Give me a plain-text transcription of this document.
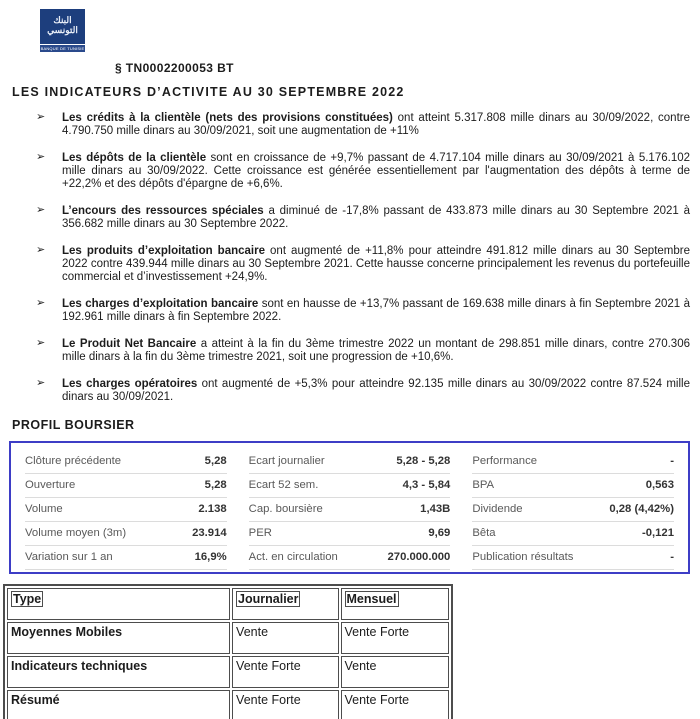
البنك
التونسي
BANQUE DE TUNISIE
§ TN0002200053 BT
LES INDICATEURS D’ACTIVITE AU 30 SEPTEMBRE 2022
➢ Les crédits à la clientèle (nets des provisions constituées) ont atteint 5.317.808 mille dinars au 30/09/2022, contre 4.790.750 mille dinars au 30/09/2021, soit une augmentation de +11%
➢ Les dépôts de la clientèle sont en croissance de +9,7% passant de 4.717.104 mille dinars au 30/09/2021 à 5.176.102 mille dinars au 30/09/2022. Cette croissance est générée essentiellement par l'augmentation des dépôts à terme de +22,2% et des dépôts d'épargne de +6,6%.
➢ L’encours des ressources spéciales a diminué de -17,8% passant de 433.873 mille dinars au 30 Septembre 2021 à 356.682 mille dinars au 30 Septembre 2022.
➢ Les produits d’exploitation bancaire ont augmenté de +11,8% pour atteindre 491.812 mille dinars au 30 Septembre 2022 contre 439.944 mille dinars au 30 Septembre 2021. Cette hausse concerne principalement les revenus du portefeuille commercial et d’investissement +24,9%.
➢ Les charges d’exploitation bancaire sont en hausse de +13,7% passant de 169.638 mille dinars à fin Septembre 2021 à 192.961 mille dinars à fin Septembre 2022.
➢ Le Produit Net Bancaire a atteint à la fin du 3ème trimestre 2022 un montant de 298.851 mille dinars, contre 270.306 mille dinars à la fin du 3ème trimestre 2021, soit une progression de +10,6%.
➢ Les charges opératoires ont augmenté de +5,3% pour atteindre 92.135 mille dinars au 30/09/2022 contre 87.524 mille dinars au 30/09/2021.
PROFIL BOURSIER
Clôture précédente	5,28
Ouverture	5,28
Volume	2.138
Volume moyen (3m)	23.914
Variation sur 1 an	16,9%
Ecart journalier	5,28 - 5,28
Ecart 52 sem.	4,3 - 5,84
Cap. boursière	1,43B
PER	9,69
Act. en circulation	270.000.000
Performance	-
BPA	0,563
Dividende	0,28 (4,42%)
Bêta	-0,121
Publication résultats	-
Type	Journalier	Mensuel
Moyennes Mobiles	Vente	Vente Forte
Indicateurs techniques	Vente Forte	Vente
Résumé	Vente Forte	Vente Forte
